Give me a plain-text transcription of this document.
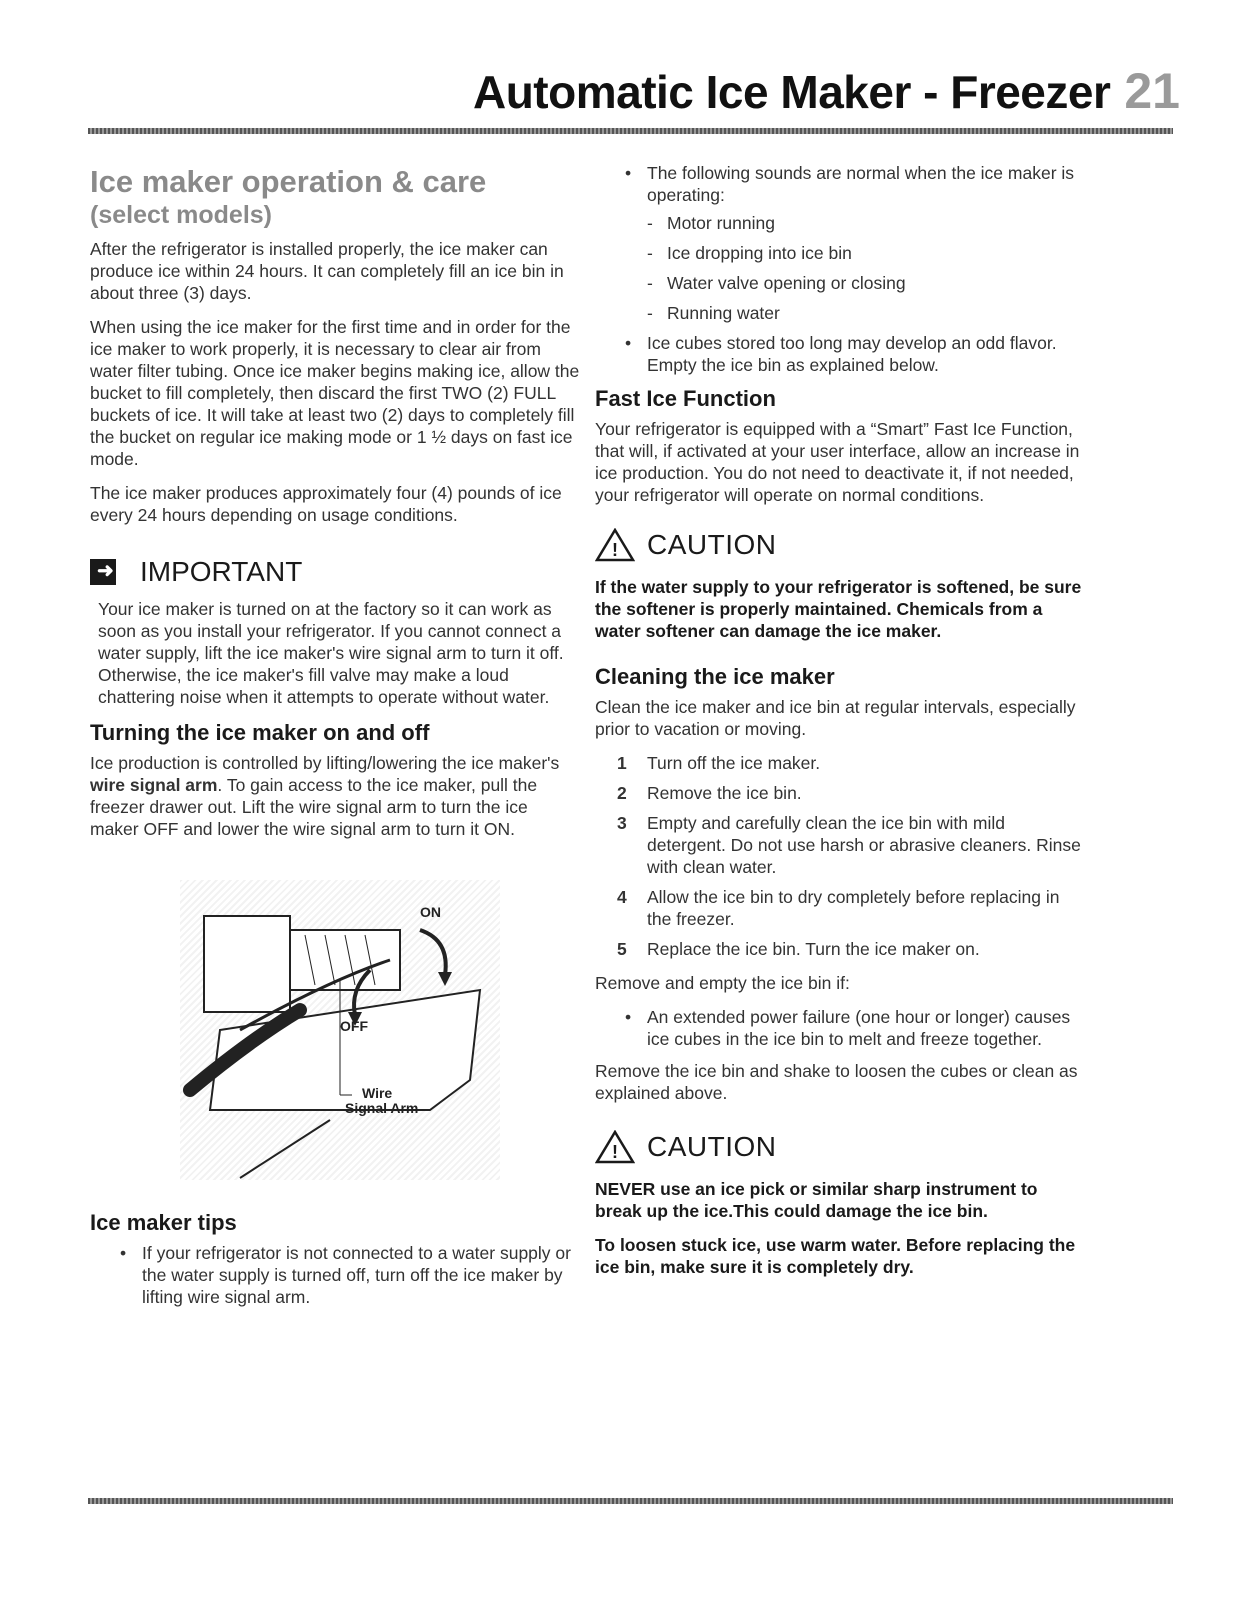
Automatic Ice Maker - Freezer 21
Ice maker operation & care
(select models)

After the refrigerator is installed properly, the ice maker can produce ice within 24 hours. It can completely fill an ice bin in about three (3) days.

When using the ice maker for the first time and in order for the ice maker to work properly, it is necessary to clear air from water filter tubing. Once ice maker begins making ice, allow the bucket to fill completely, then discard the first TWO (2) FULL buckets of ice. It will take at least two (2) days to completely fill the bucket on regular ice making mode or 1 ½ days on fast ice mode.

The ice maker produces approximately four (4) pounds of ice every 24 hours depending on usage conditions.

➜ IMPORTANT

Your ice maker is turned on at the factory so it can work as soon as you install your refrigerator. If you cannot connect a water supply, lift the ice maker's wire signal arm to turn it off. Otherwise, the ice maker's fill valve may make a loud chattering noise when it attempts to operate without water.

Turning the ice maker on and off

Ice production is controlled by lifting/lowering the ice maker's wire signal arm. To gain access to the ice maker, pull the freezer drawer out. Lift the wire signal arm to turn the ice maker OFF and lower the wire signal arm to turn it ON.

ON
OFF
Wire
Signal Arm
Ice maker tips
• If your refrigerator is not connected to a water supply or the water supply is turned off, turn off the ice maker by lifting wire signal arm.
• The following sounds are normal when the ice maker is operating:
- Motor running
- Ice dropping into ice bin
- Water valve opening or closing
- Running water
• Ice cubes stored too long may develop an odd flavor. Empty the ice bin as explained below.
Fast Ice Function

Your refrigerator is equipped with a “Smart” Fast Ice Function, that will, if activated at your user interface, allow an increase in ice production. You do not need to deactivate it, if not needed, your refrigerator will operate on normal conditions.

! CAUTION

If the water supply to your refrigerator is softened, be sure the softener is properly maintained. Chemicals from a water softener can damage the ice maker.

Cleaning the ice maker

Clean the ice maker and ice bin at regular intervals, especially prior to vacation or moving.

1 Turn off the ice maker.
2 Remove the ice bin.
3 Empty and carefully clean the ice bin with mild detergent. Do not use harsh or abrasive cleaners. Rinse with clean water.
4 Allow the ice bin to dry completely before replacing in the freezer.
5 Replace the ice bin. Turn the ice maker on.

Remove and empty the ice bin if:

• An extended power failure (one hour or longer) causes ice cubes in the ice bin to melt and freeze together.

Remove the ice bin and shake to loosen the cubes or clean as explained above.

! CAUTION

NEVER use an ice pick or similar sharp instrument to break up the ice.This could damage the ice bin.

To loosen stuck ice, use warm water. Before replacing the ice bin, make sure it is completely dry.
